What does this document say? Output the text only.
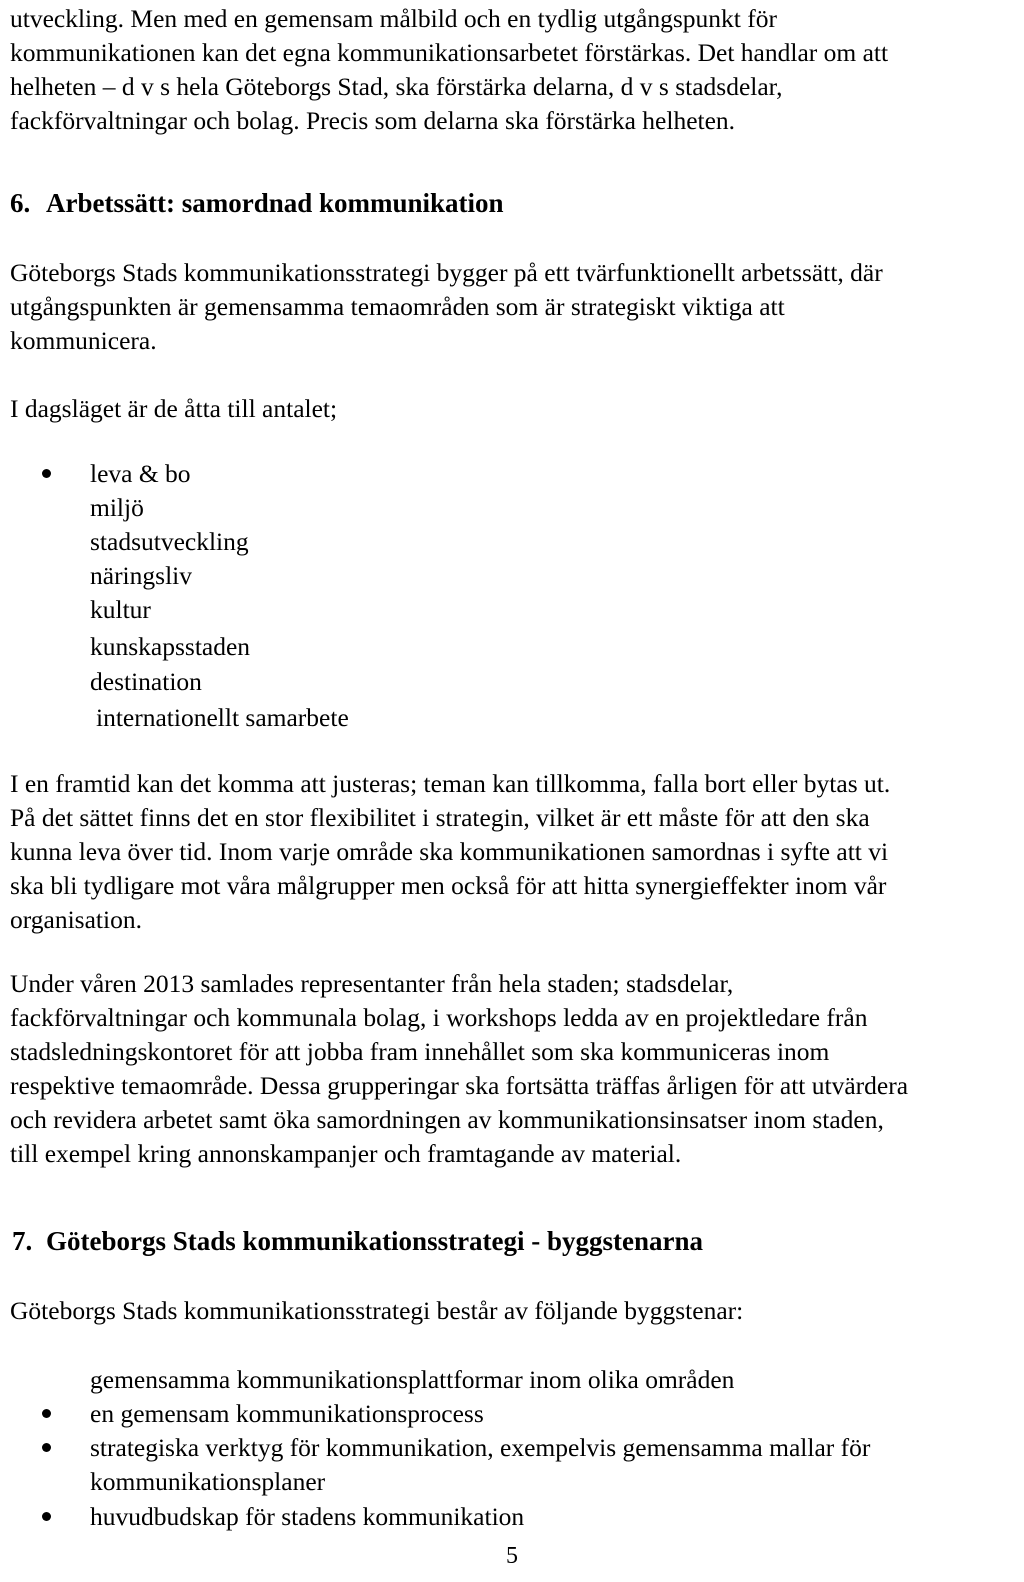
utveckling. Men med en gemensam målbild och en tydlig utgångspunkt för
kommunikationen kan det egna kommunikationsarbetet förstärkas. Det handlar om att
helheten – d v s hela Göteborgs Stad, ska förstärka delarna, d v s stadsdelar,
fackförvaltningar och bolag. Precis som delarna ska förstärka helheten.
6. Arbetssätt: samordnad kommunikation
Göteborgs Stads kommunikationsstrategi bygger på ett tvärfunktionellt arbetssätt, där
utgångspunkten är gemensamma temaområden som är strategiskt viktiga att
kommunicera.
I dagsläget är de åtta till antalet;
leva & bo
miljö
stadsutveckling
näringsliv
kultur
kunskapsstaden
destination
internationellt samarbete
I en framtid kan det komma att justeras; teman kan tillkomma, falla bort eller bytas ut.
På det sättet finns det en stor flexibilitet i strategin, vilket är ett måste för att den ska
kunna leva över tid. Inom varje område ska kommunikationen samordnas i syfte att vi
ska bli tydligare mot våra målgrupper men också för att hitta synergieffekter inom vår
organisation.
Under våren 2013 samlades representanter från hela staden; stadsdelar,
fackförvaltningar och kommunala bolag, i workshops ledda av en projektledare från
stadsledningskontoret för att jobba fram innehållet som ska kommuniceras inom
respektive temaområde. Dessa grupperingar ska fortsätta träffas årligen för att utvärdera
och revidera arbetet samt öka samordningen av kommunikationsinsatser inom staden,
till exempel kring annonskampanjer och framtagande av material.
7. Göteborgs Stads kommunikationsstrategi - byggstenarna
Göteborgs Stads kommunikationsstrategi består av följande byggstenar:
gemensamma kommunikationsplattformar inom olika områden
en gemensam kommunikationsprocess
strategiska verktyg för kommunikation, exempelvis gemensamma mallar för
kommunikationsplaner
huvudbudskap för stadens kommunikation
5
